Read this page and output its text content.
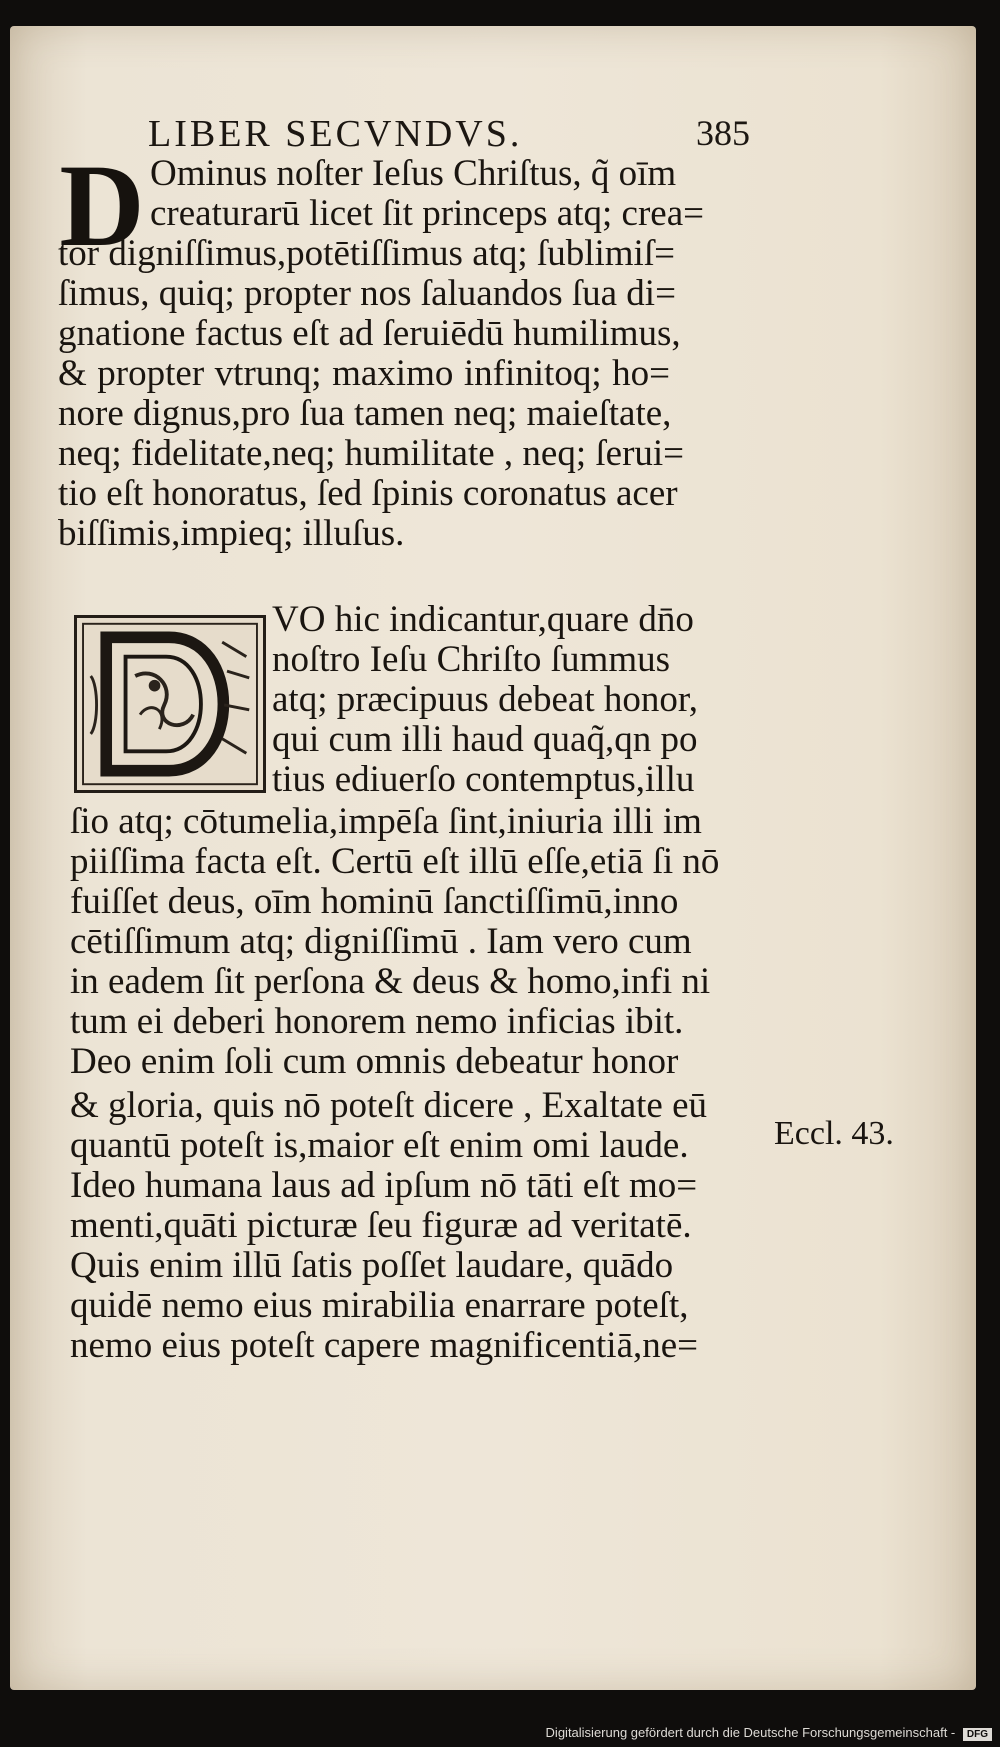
LIBER SECVNDVS.	385
D Ominus noſter Ieſus Chriſtus, q̃ oīm
creaturarū licet ſit princeps atq; crea=
tor digniſſimus,potētiſſimus atq; ſublimiſ=
ſimus, quiq; propter nos ſaluandos ſua di=
gnatione factus eſt ad ſeruiēdū humilimus,
& propter vtrunq; maximo infinitoq; ho=
nore dignus,pro ſua tamen neq; maieſtate,
neq; fidelitate,neq; humilitate , neq; ſerui=
tio eſt honoratus, ſed ſpinis coronatus acer
biſſimis,impieq; illuſus.
VO hic indicantur,quare dn̄o
noſtro Ieſu Chriſto ſummus
atq; præcipuus debeat honor,
qui cum illi haud quaq̃,qn po
tius ediuerſo contemptus,illu
ſio atq; cōtumelia,impēſa ſint,iniuria illi im
piiſſima facta eſt. Certū eſt illū eſſe,etiā ſi nō
fuiſſet deus, oīm hominū ſanctiſſimū,inno
cētiſſimum atq; digniſſimū . Iam vero cum
in eadem ſit perſona & deus & homo,infi ni
tum ei deberi honorem nemo inficias ibit.
Deo enim ſoli cum omnis debeatur honor
& gloria, quis nō poteſt dicere , Exaltate eū
quantū poteſt is,maior eſt enim omi laude.
Ideo humana laus ad ipſum nō tāti eſt mo=
menti,quāti picturæ ſeu figuræ ad veritatē.
Quis enim illū ſatis poſſet laudare, quādo
quidē nemo eius mirabilia enarrare poteſt,
nemo eius poteſt capere magnificentiā,ne=
Eccl. 43.
Digitalisierung gefördert durch die Deutsche Forschungsgemeinschaft - DFG
